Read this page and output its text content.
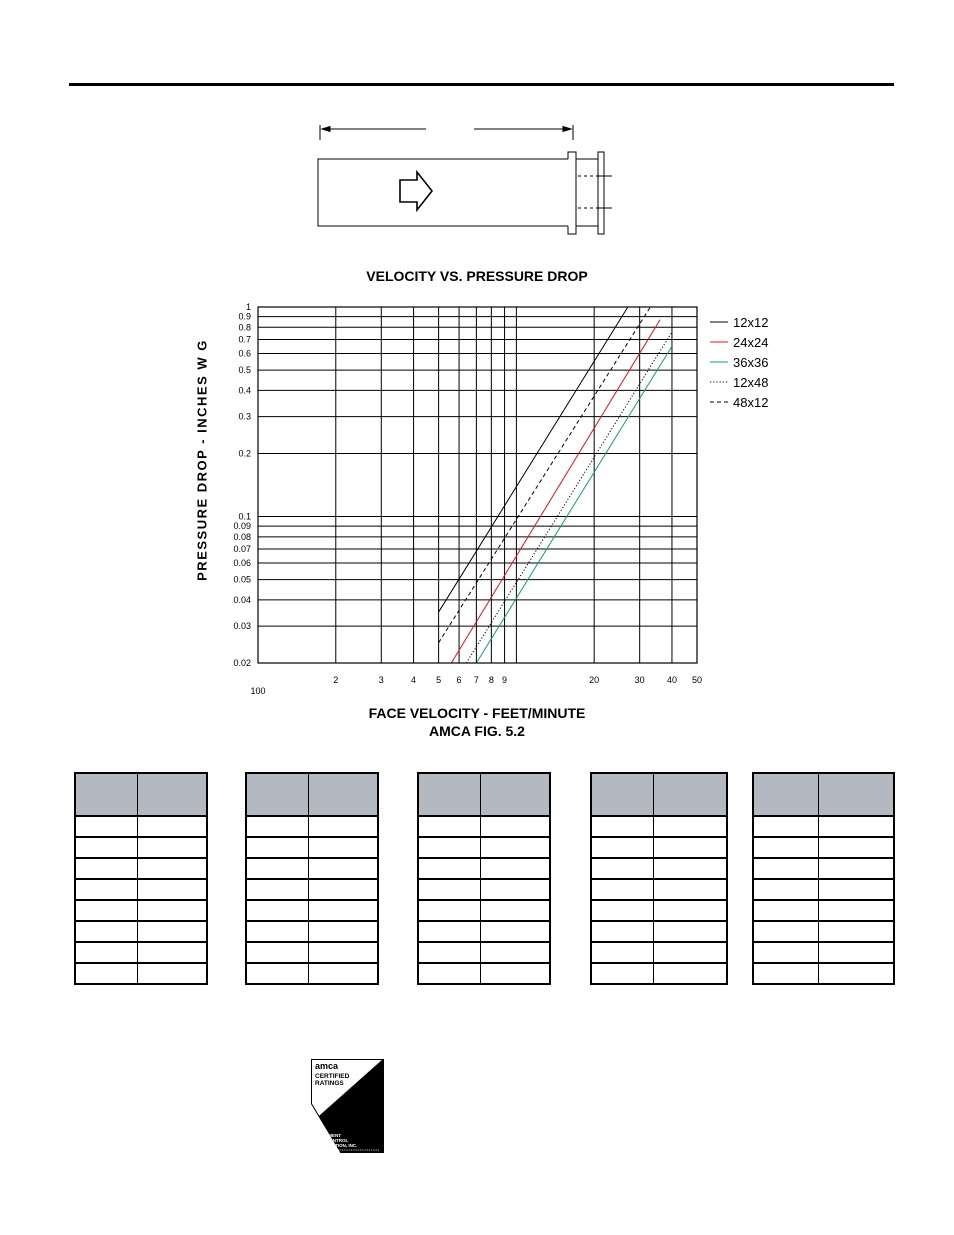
VELOCITY VS. PRESSURE DROP
PRESSURE DROP - INCHES W G
100
2	3	4 5 6 7 8 9	20	30 40 50
1
0.9
0.8
0.7
0.6
0.5
0.4
0.3
0.2
0.1
0.09
0.08
0.07
0.06
0.05
0.04
0.03
0.02
12x12
24x24
36x36
12x48
48x12
FACE VELOCITY - FEET/MINUTE
AMCA FIG. 5.2

amca
CERTIFIED
RATINGS
AIR
PERFORMANCE
AIR
MOVEMENT
AND CONTROL
ASSOCIATION, INC.
